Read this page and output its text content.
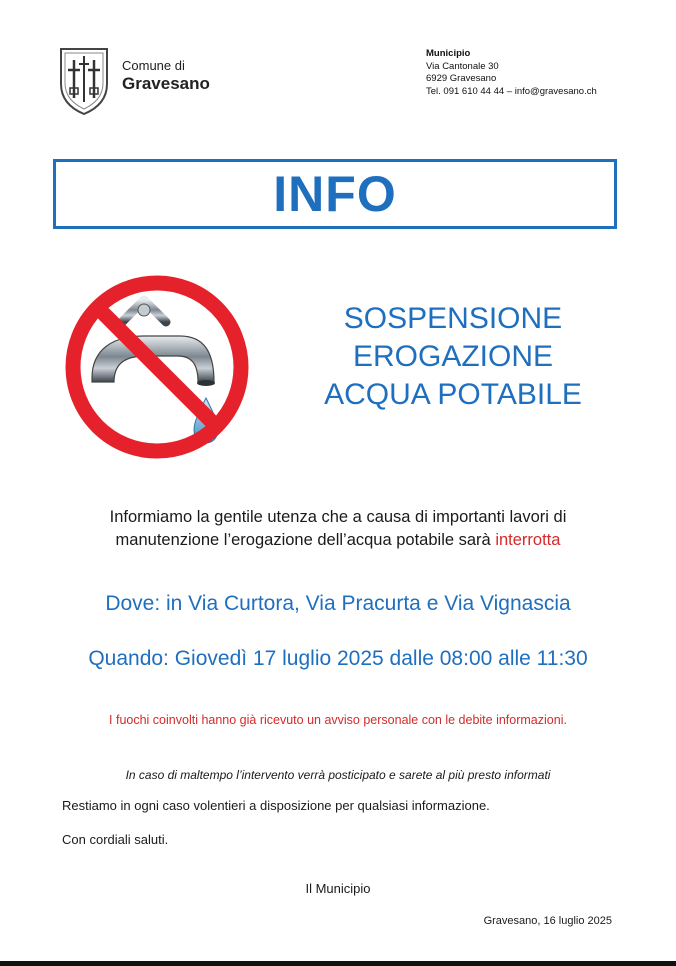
Comune di
Gravesano
Municipio
Via Cantonale 30
6929 Gravesano
Tel. 091 610 44 44 – info@gravesano.ch
INFO
SOSPENSIONE
EROGAZIONE
ACQUA POTABILE
Informiamo la gentile utenza che a causa di importanti lavori di
manutenzione l’erogazione dell’acqua potabile sarà interrotta
Dove: in Via Curtora, Via Pracurta e Via Vignascia
Quando: Giovedì 17 luglio 2025 dalle 08:00 alle 11:30
I fuochi coinvolti hanno già ricevuto un avviso personale con le debite informazioni.
In caso di maltempo l’intervento verrà posticipato e sarete al più presto informati
Restiamo in ogni caso volentieri a disposizione per qualsiasi informazione.
Con cordiali saluti.
Il Municipio
Gravesano, 16 luglio 2025
